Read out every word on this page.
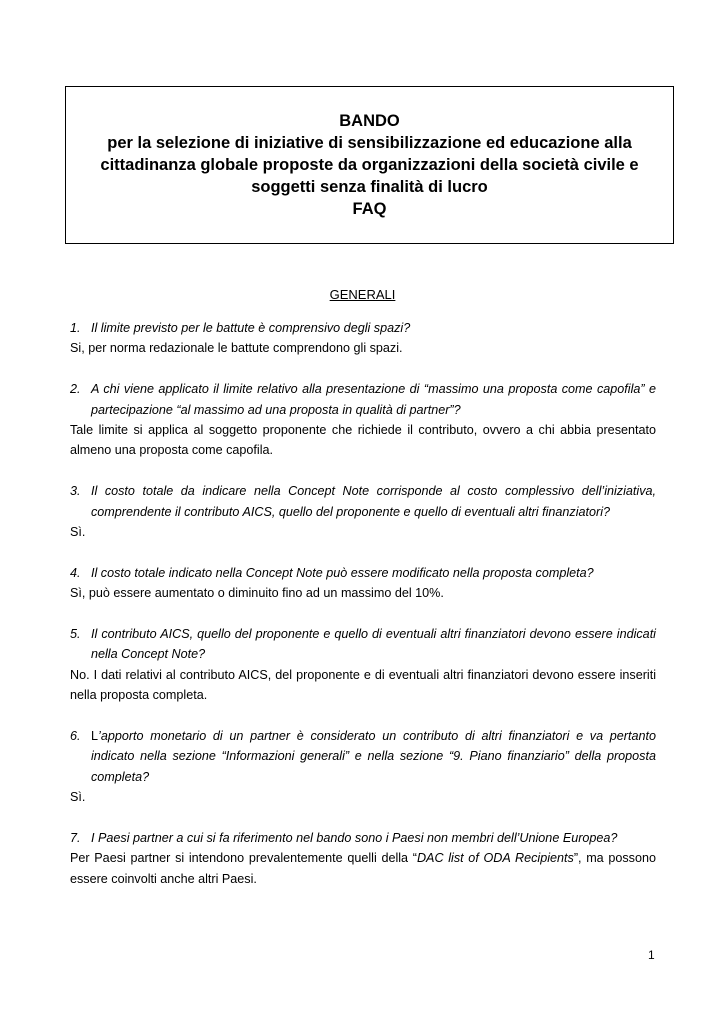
BANDO
per la selezione di iniziative di sensibilizzazione ed educazione alla
cittadinanza globale proposte da organizzazioni della società civile e
soggetti senza finalità di lucro
FAQ
GENERALI
1. Il limite previsto per le battute è comprensivo degli spazi?
Si, per norma redazionale le battute comprendono gli spazi.
2. A chi viene applicato il limite relativo alla presentazione di “massimo una proposta come capofila” e partecipazione “al massimo ad una proposta in qualità di partner”?
Tale limite si applica al soggetto proponente che richiede il contributo, ovvero a chi abbia presentato almeno una proposta come capofila.
3. Il costo totale da indicare nella Concept Note corrisponde al costo complessivo dell’iniziativa, comprendente il contributo AICS, quello del proponente e quello di eventuali altri finanziatori?
Sì.
4. Il costo totale indicato nella Concept Note può essere modificato nella proposta completa?
Sì, può essere aumentato o diminuito fino ad un massimo del 10%.
5. Il contributo AICS, quello del proponente e quello di eventuali altri finanziatori devono essere indicati nella Concept Note?
No. I dati relativi al contributo AICS, del proponente e di eventuali altri finanziatori devono essere inseriti nella proposta completa.
6. L’apporto monetario di un partner è considerato un contributo di altri finanziatori e va pertanto indicato nella sezione “Informazioni generali” e nella sezione “9. Piano finanziario” della proposta completa?
Sì.
7. I Paesi partner a cui si fa riferimento nel bando sono i Paesi non membri dell’Unione Europea?
Per Paesi partner si intendono prevalentemente quelli della “DAC list of ODA Recipients”, ma possono essere coinvolti anche altri Paesi.
1
